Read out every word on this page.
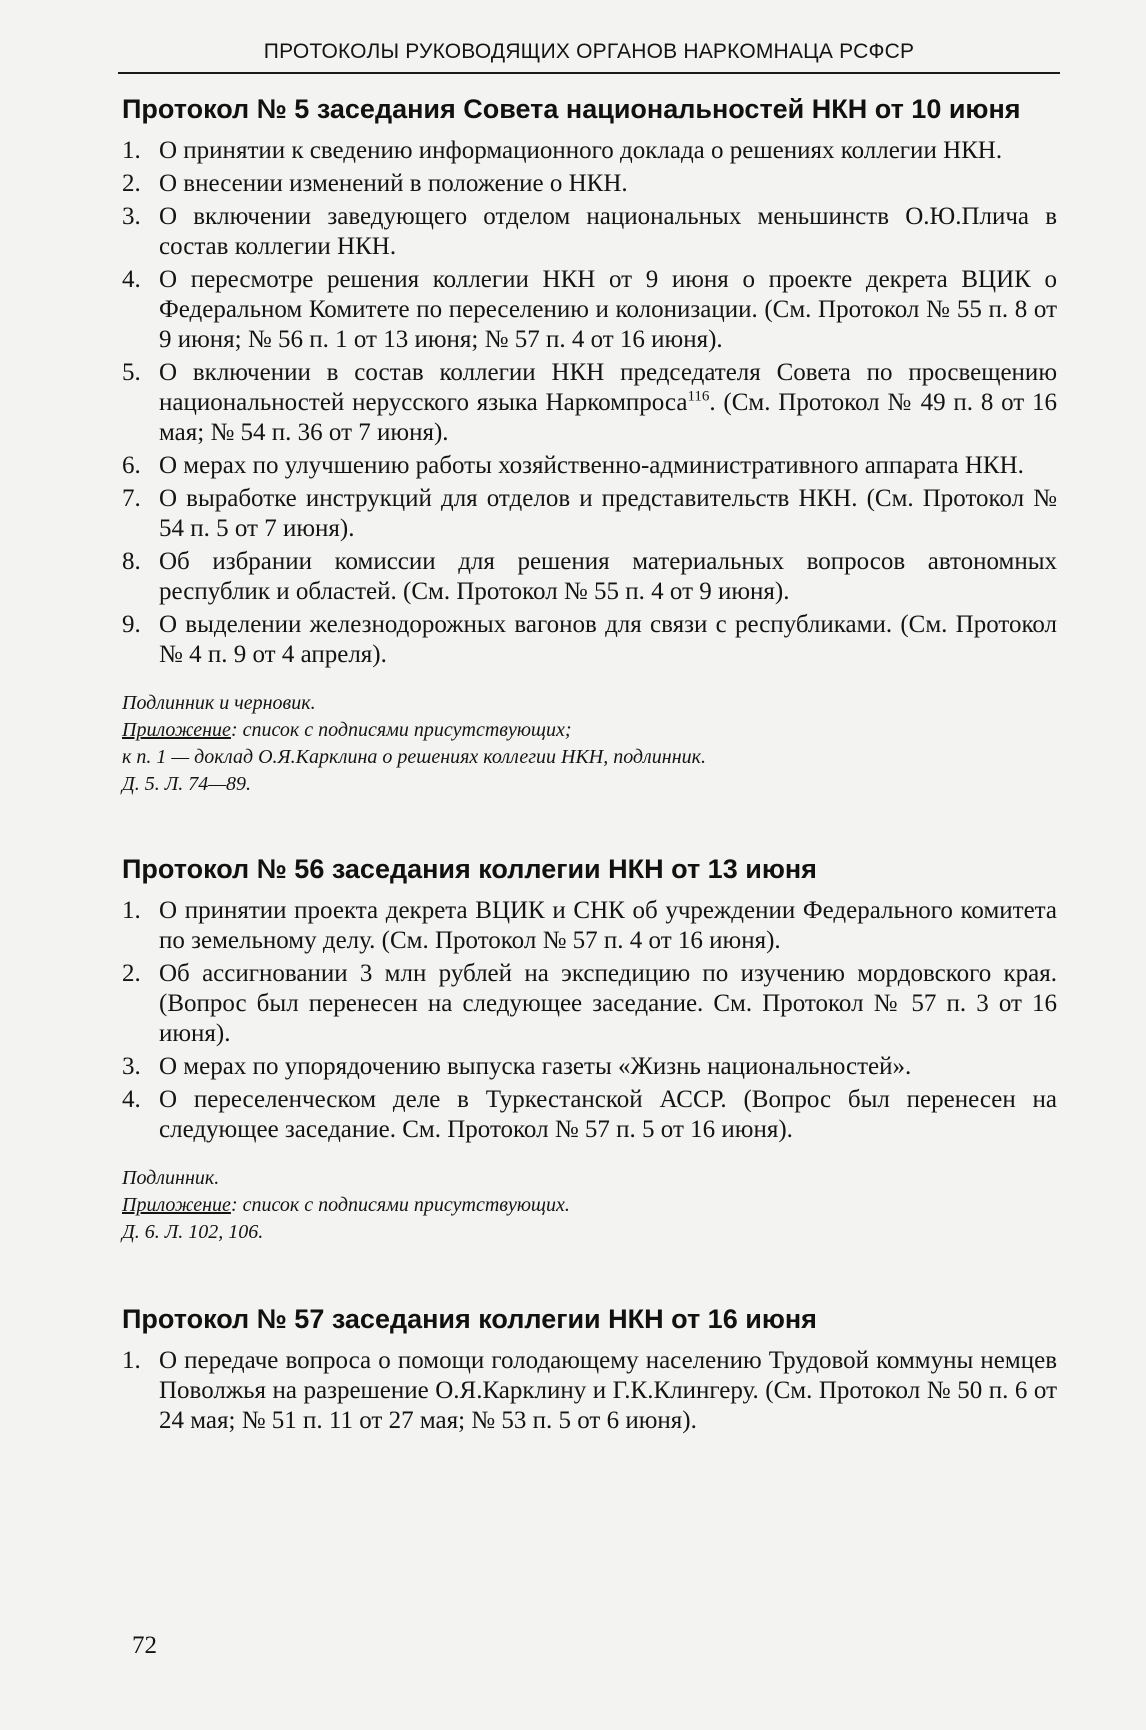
ПРОТОКОЛЫ РУКОВОДЯЩИХ ОРГАНОВ НАРКОМНАЦА РСФСР
Протокол № 5 заседания Совета национальностей НКН от 10 июня
1. О принятии к сведению информационного доклада о решениях коллегии НКН.
2. О внесении изменений в положение о НКН.
3. О включении заведующего отделом национальных меньшинств О.Ю.Плича в состав коллегии НКН.
4. О пересмотре решения коллегии НКН от 9 июня о проекте декрета ВЦИК о Федеральном Комитете по переселению и колонизации. (См. Протокол № 55 п. 8 от 9 июня; № 56 п. 1 от 13 июня; № 57 п. 4 от 16 июня).
5. О включении в состав коллегии НКН председателя Совета по просвещению национальностей нерусского языка Наркомпроса$^{116}$. (См. Протокол № 49 п. 8 от 16 мая; № 54 п. 36 от 7 июня).
6. О мерах по улучшению работы хозяйственно-административного аппарата НКН.
7. О выработке инструкций для отделов и представительств НКН. (См. Протокол № 54 п. 5 от 7 июня).
8. Об избрании комиссии для решения материальных вопросов автономных республик и областей. (См. Протокол № 55 п. 4 от 9 июня).
9. О выделении железнодорожных вагонов для связи с республиками. (См. Протокол № 4 п. 9 от 4 апреля).

Подлинник и черновик.

Приложение: список с подписями присутствующих;

к п. 1 — доклад О.Я.Карклина о решениях коллегии НКН, подлинник.

Д. 5. Л. 74—89.

Протокол № 56 заседания коллегии НКН от 13 июня
1. О принятии проекта декрета ВЦИК и СНК об учреждении Федерального комитета по земельному делу. (См. Протокол № 57 п. 4 от 16 июня).
2. Об ассигновании 3 млн рублей на экспедицию по изучению мордовского края. (Вопрос был перенесен на следующее заседание. См. Протокол № 57 п. 3 от 16 июня).
3. О мерах по упорядочению выпуска газеты «Жизнь национальностей».
4. О переселенческом деле в Туркестанской АССР. (Вопрос был перенесен на следующее заседание. См. Протокол № 57 п. 5 от 16 июня).

Подлинник.

Приложение: список с подписями присутствующих.

Д. 6. Л. 102, 106.

Протокол № 57 заседания коллегии НКН от 16 июня
1. О передаче вопроса о помощи голодающему населению Трудовой коммуны немцев Поволжья на разрешение О.Я.Карклину и Г.К.Клингеру. (См. Протокол № 50 п. 6 от 24 мая; № 51 п. 11 от 27 мая; № 53 п. 5 от 6 июня).
72
